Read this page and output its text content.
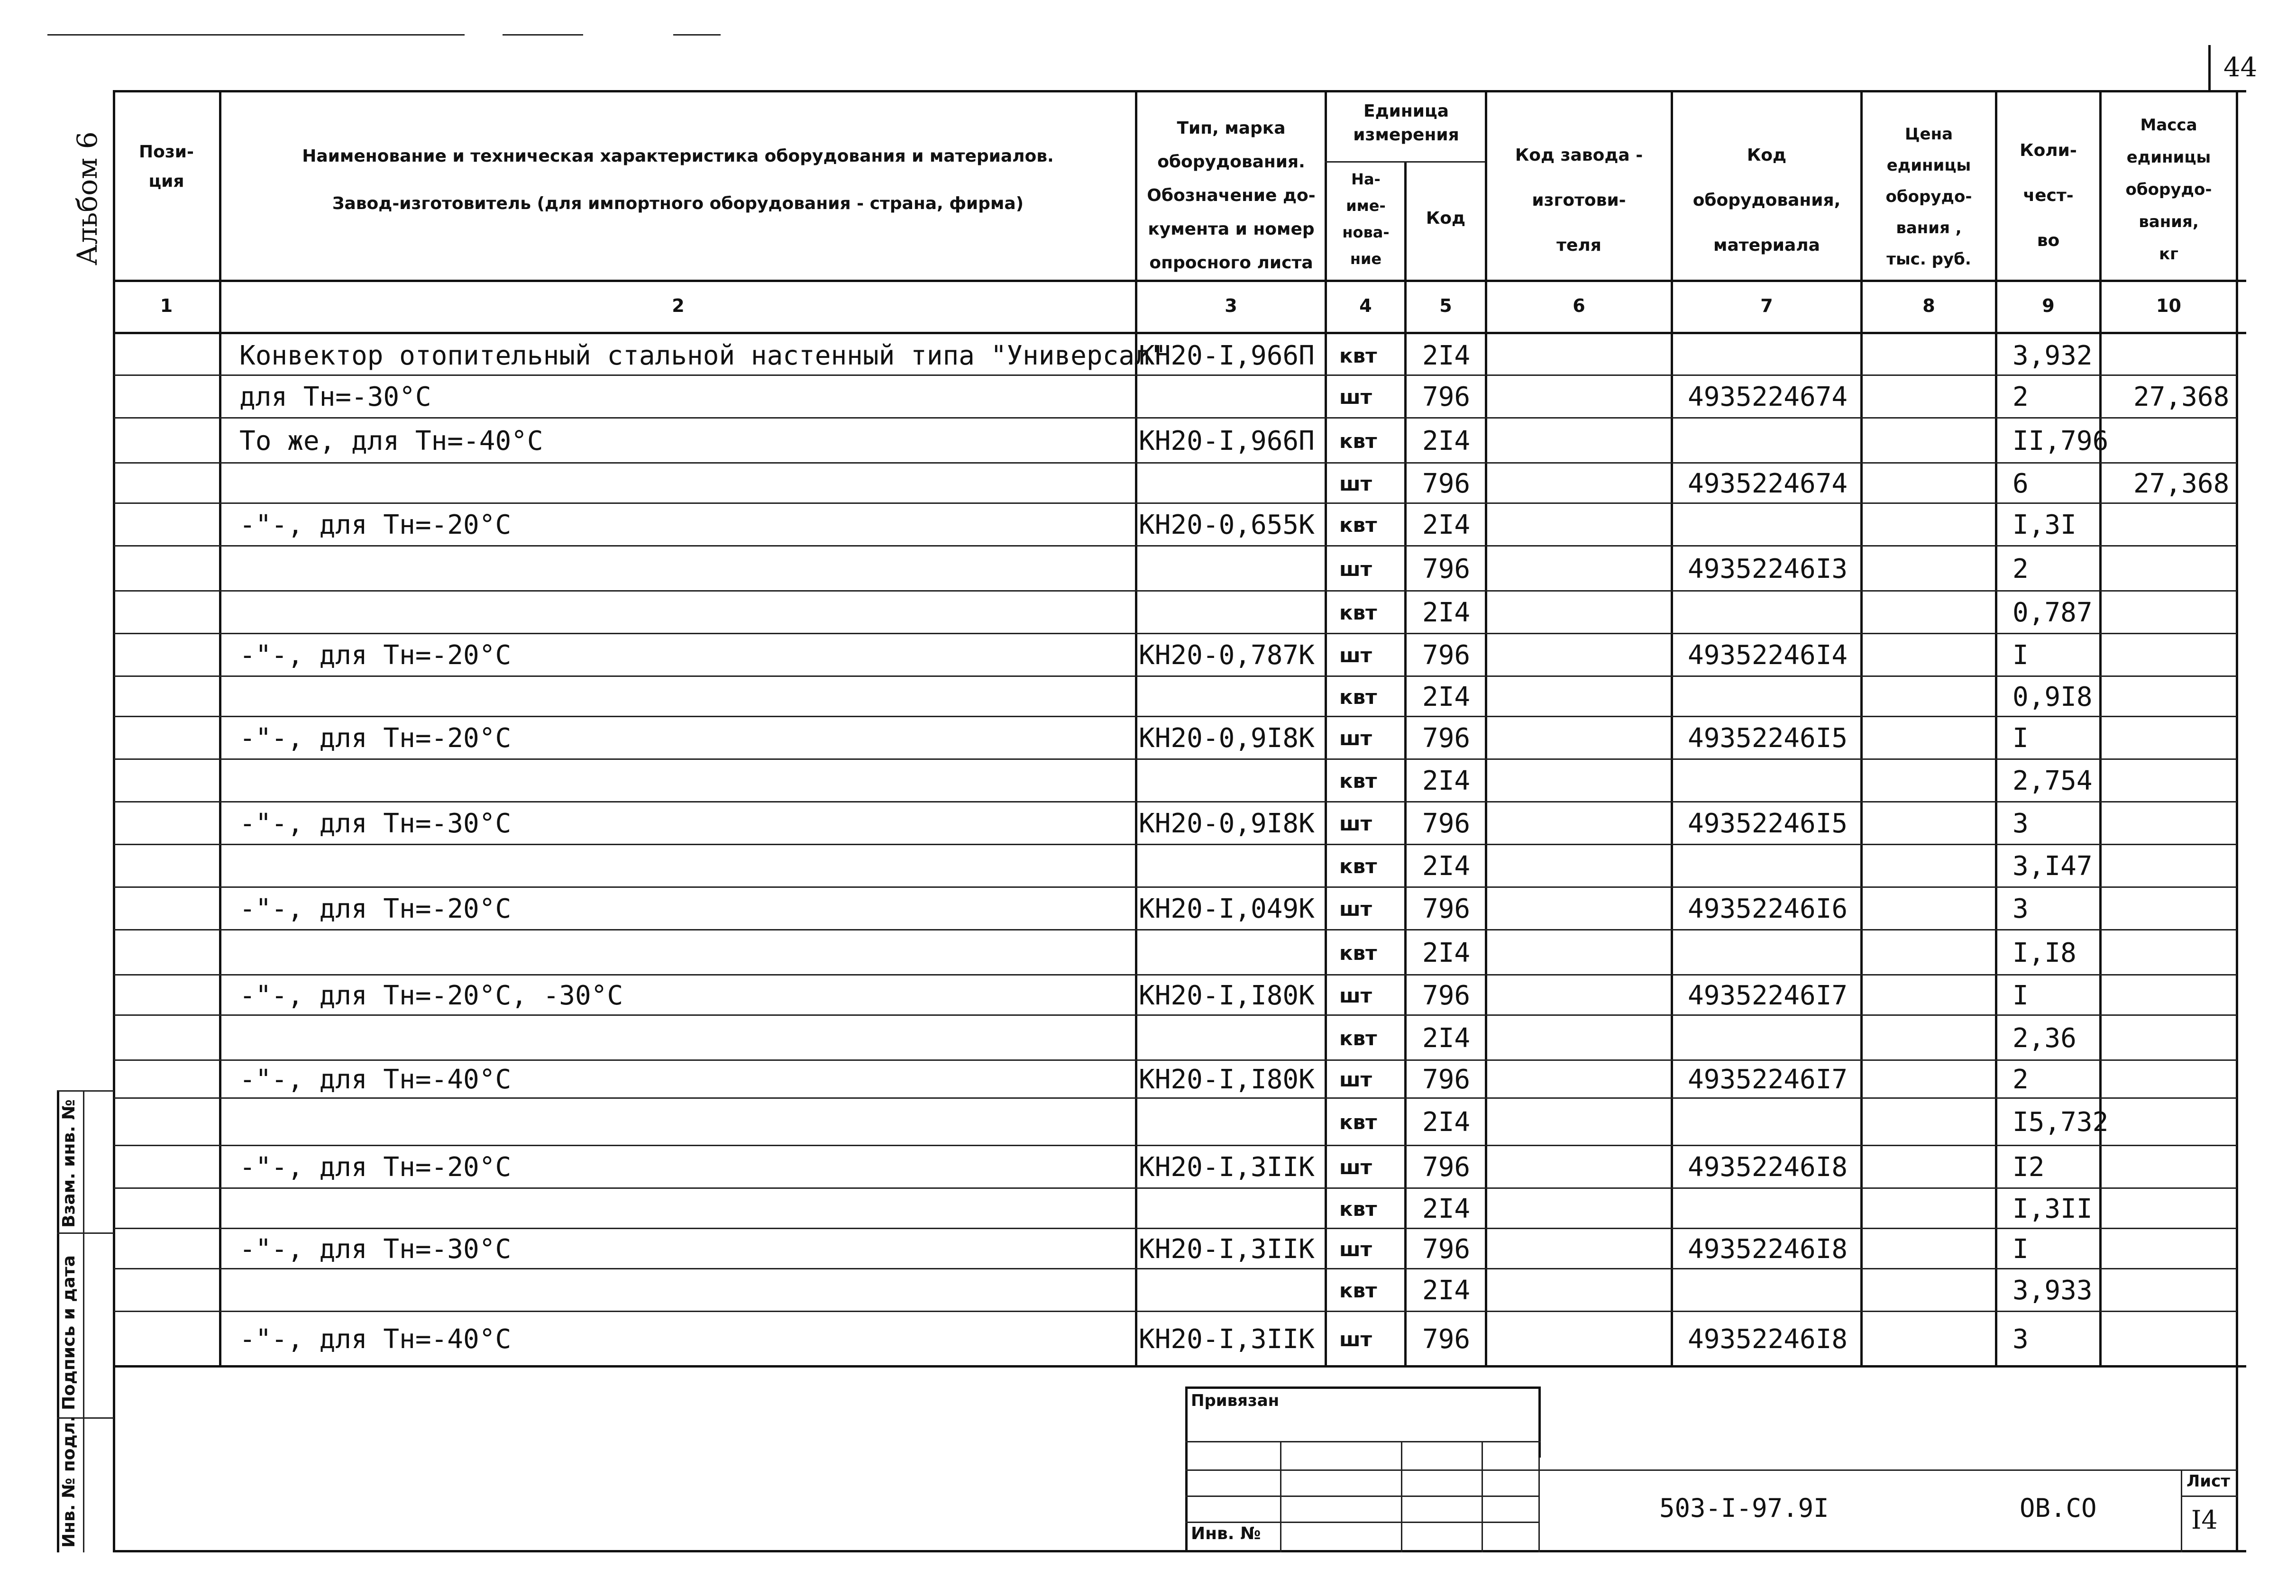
44
Альбом 6	Пози-
ция
Наименование и техническая характеристика оборудования и материалов.
Завод-изготовитель (для импортного оборудования - страна, фирма)
Тип, марка
оборудования.
Обозначение до-
кумента и номер
опросного листа
Единица
измерения
На-
име-
нова-
ние
Код
Код завода -
изготови-
теля
Код
оборудования,
материала
Цена
единицы
оборудо-
вания ,
тыс. руб.
Коли-
чест-
во
Масса
единицы
оборудо-
вания,
кг
1	2	3	4	5	6	7	8	9	10
Конвектор отопительный стальной настенный типа "Универсал"
КН20-I,966П квт 2I4	3,932
для Тн=-30°С	шт 796	4935224674	2	27,368
То же, для Тн=-40°С	КН20-I,966П квт 2I4	II,796
шт 796	4935224674	6	27,368
-"-, для Тн=-20°С	КН20-0,655К квт 2I4	I,3I
шт 796	49352246I3	2
квт 2I4	0,787
-"-, для Тн=-20°С	КН20-0,787К шт 796	49352246I4	I
квт 2I4	0,9I8
-"-, для Тн=-20°С	КН20-0,9I8К шт 796	49352246I5	I
квт 2I4	2,754
-"-, для Тн=-30°С	КН20-0,9I8К шт 796	49352246I5	3
квт 2I4	3,I47
-"-, для Тн=-20°С	КН20-I,049К шт 796	49352246I6	3
квт 2I4	I,I8
-"-, для Тн=-20°С, -30°С	КН20-I,I80К шт 796	49352246I7	I
квт 2I4	2,36
-"-, для Тн=-40°С	КН20-I,I80К шт 796	49352246I7	2
квт 2I4	I5,732
-"-, для Тн=-20°С	КН20-I,3IIК шт 796	49352246I8	I2
квт 2I4	I,3II
-"-, для Тн=-30°С	КН20-I,3IIК шт 796	49352246I8	I
квт 2I4	3,933
-"-, для Тн=-40°С	КН20-I,3IIК шт 796	49352246I8	3
Взам. инв. №
Подпись и дата
Инв. № подл.
Привязан
Инв. №
503-I-97.9I	ОВ.СО
Лист
I4
